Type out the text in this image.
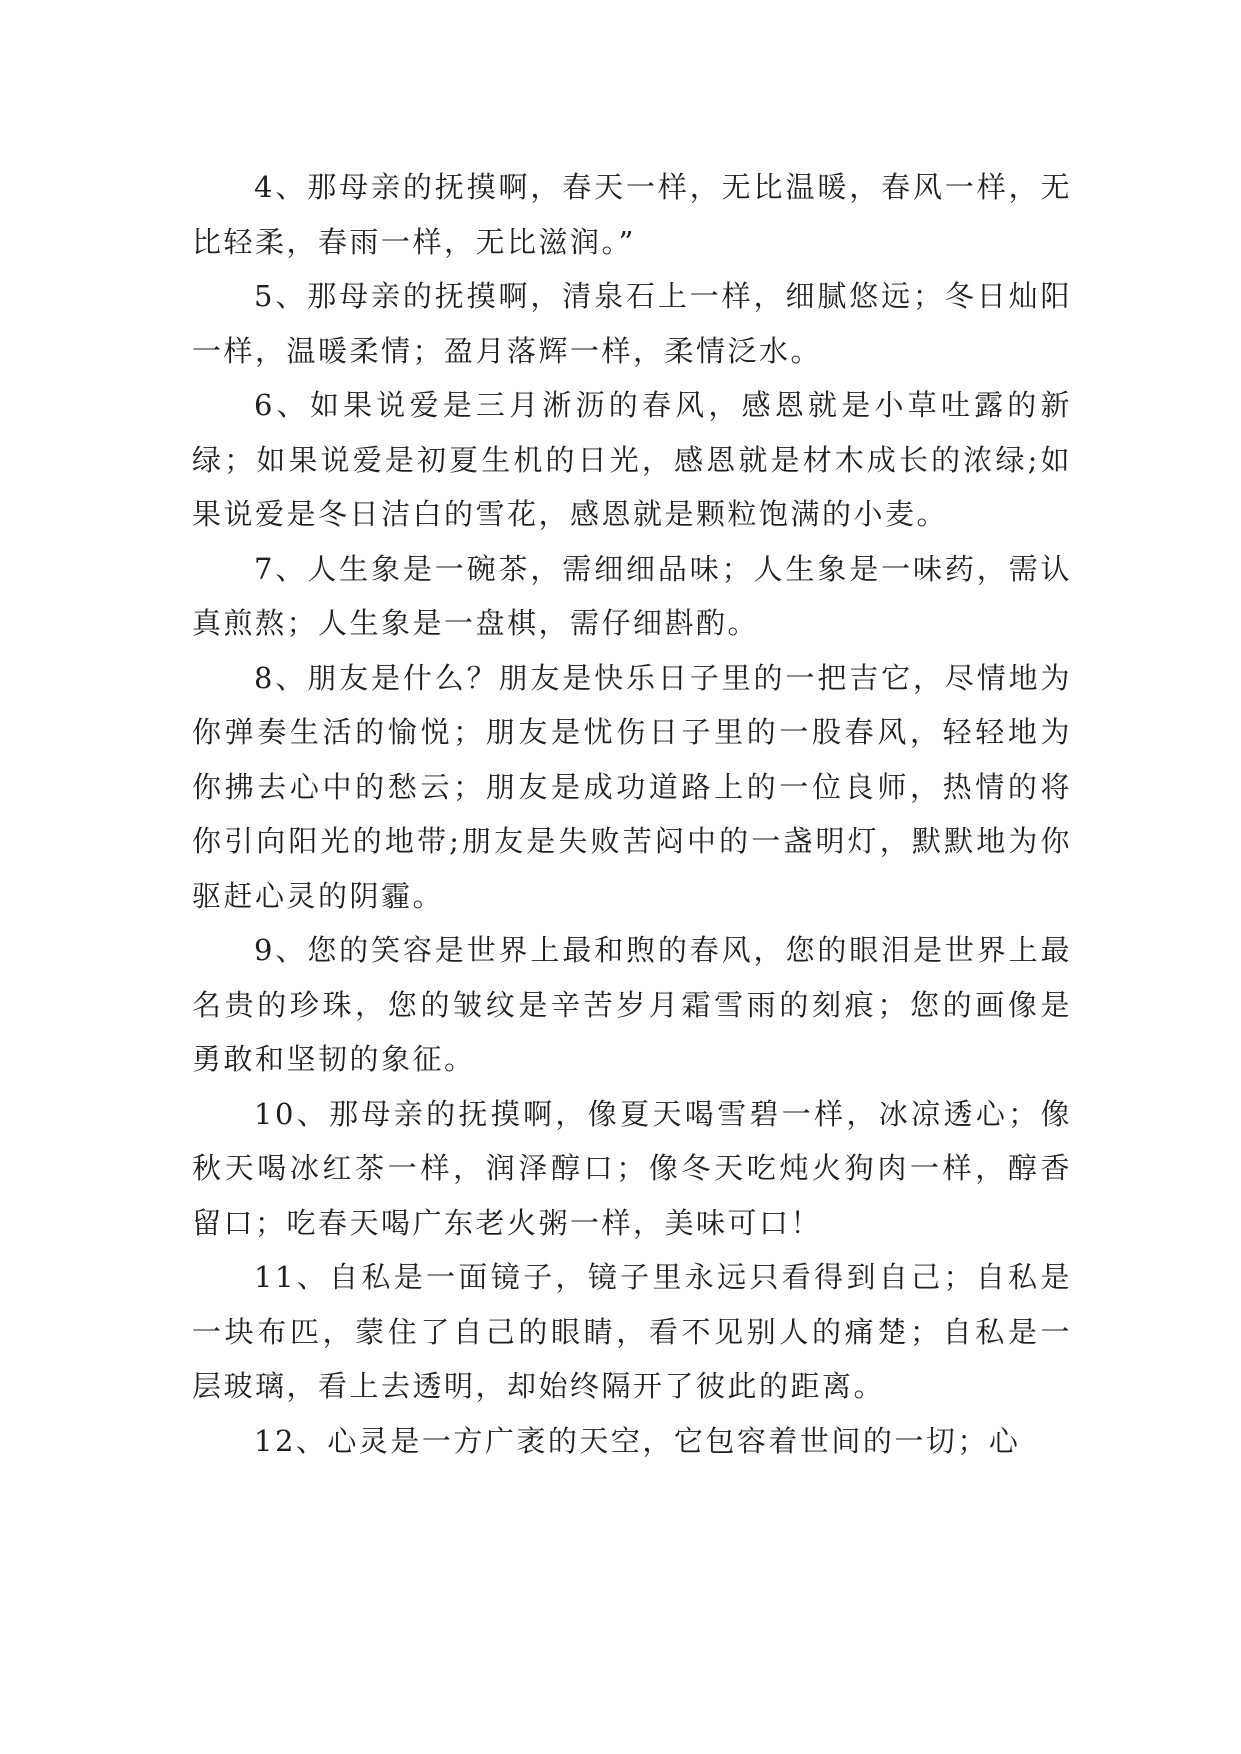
4、那母亲的抚摸啊，春天一样，无比温暖，春风一样，无比轻柔，春雨一样，无比滋润。”

5、那母亲的抚摸啊，清泉石上一样，细腻悠远；冬日灿阳一样，温暖柔情；盈月落辉一样，柔情泛水。

6、如果说爱是三月淅沥的春风，感恩就是小草吐露的新绿；如果说爱是初夏生机的日光，感恩就是材木成长的浓绿;如果说爱是冬日洁白的雪花，感恩就是颗粒饱满的小麦。

7、人生象是一碗茶，需细细品味；人生象是一味药，需认真煎熬；人生象是一盘棋，需仔细斟酌。

8、朋友是什么？朋友是快乐日子里的一把吉它，尽情地为你弹奏生活的愉悦；朋友是忧伤日子里的一股春风，轻轻地为你拂去心中的愁云；朋友是成功道路上的一位良师，热情的将你引向阳光的地带;朋友是失败苦闷中的一盏明灯，默默地为你驱赶心灵的阴霾。

9、您的笑容是世界上最和煦的春风，您的眼泪是世界上最名贵的珍珠，您的皱纹是辛苦岁月霜雪雨的刻痕；您的画像是勇敢和坚韧的象征。

10、那母亲的抚摸啊，像夏天喝雪碧一样，冰凉透心；像秋天喝冰红茶一样，润泽醇口；像冬天吃炖火狗肉一样，醇香留口；吃春天喝广东老火粥一样，美味可口！

11、自私是一面镜子，镜子里永远只看得到自己；自私是一块布匹，蒙住了自己的眼睛，看不见别人的痛楚；自私是一层玻璃，看上去透明，却始终隔开了彼此的距离。

12、心灵是一方广袤的天空，它包容着世间的一切；心
